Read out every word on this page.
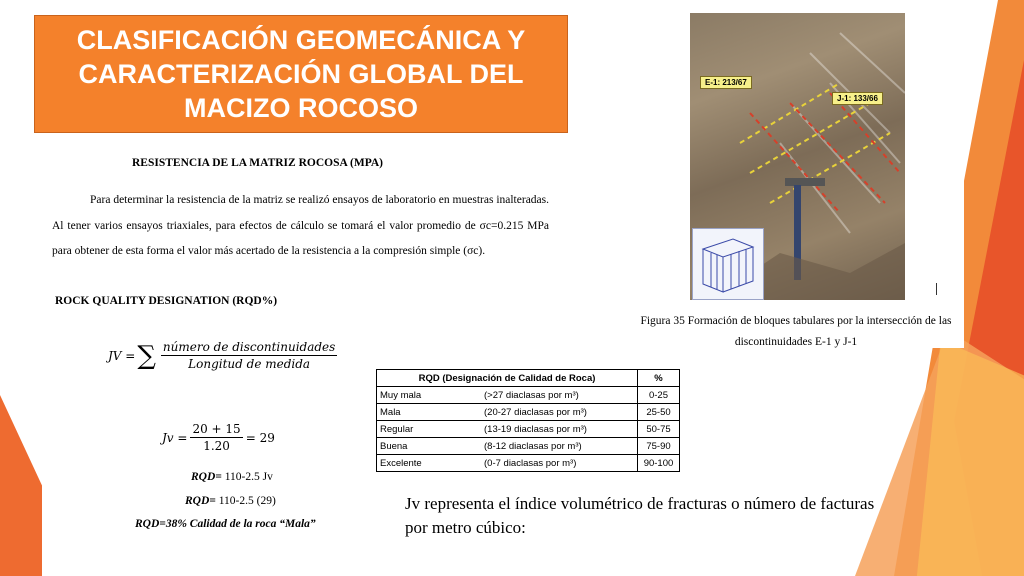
CLASIFICACIÓN GEOMECÁNICA Y CARACTERIZACIÓN GLOBAL DEL MACIZO ROCOSO
RESISTENCIA DE LA MATRIZ ROCOSA (MPA)
Para determinar la resistencia de la matriz se realizó ensayos de laboratorio en muestras inalteradas. Al tener varios ensayos triaxiales, para efectos de cálculo se tomará el valor promedio de σc=0.215 MPa para obtener de esta forma el valor más acertado de la resistencia a la compresión simple (σc).
ROCK QUALITY DESIGNATION (RQD%)
JV = ∑ $\frac{\text{número de discontinuidades}}{\text{Longitud de medida}}$
$Jv = \frac{20 + 15}{1.20} = 29$
RQD= 110-2.5 Jv
RQD= 110-2.5 (29)
RQD=38% Calidad de la roca “Mala”
RQD (Designación de Calidad de Roca)	%
Muy mala (>27 diaclasas por m³)	0-25
Mala (20-27 diaclasas por m³)	25-50
Regular (13-19 diaclasas por m³)	50-75
Buena (8-12 diaclasas por m³)	75-90
Excelente (0-7 diaclasas por m³)	90-100
Jv representa el índice volumétrico de fracturas o número de facturas por metro cúbico:
E-1: 213/67
J-1: 133/66
Figura 35 Formación de bloques tabulares por la intersección de las discontinuidades E-1 y J-1
